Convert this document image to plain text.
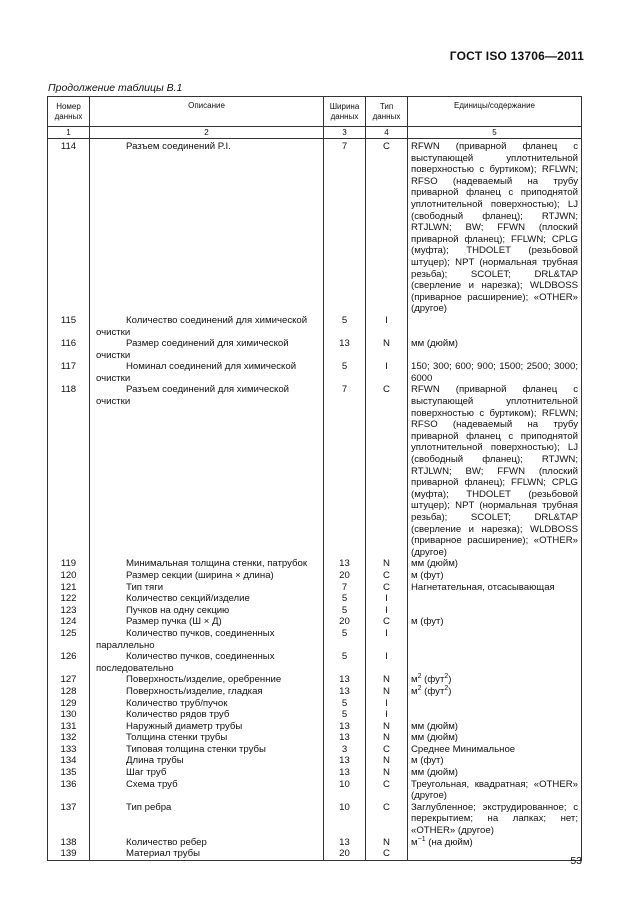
ГОСТ ISO 13706—2011
Продолжение таблицы В.1
Номер данных	Описание	Ширина данных	Тип данных	Единицы/содержание
1	2	3	4	5
114	Разъем соединений P.I.	7	C	RFWN (приварной фланец с выступающей уплотнительной поверхностью с буртиком); RFLWN; RFSO (надеваемый на трубу приварной фланец с приподнятой уплотнительной поверхностью); LJ (свободный фланец); RTJWN; RTJLWN; BW; FFWN (плоский приварной фланец); FFLWN; CPLG (муфта); THDOLET (резьбовой штуцер); NPT (нормальная трубная резьба); SCOLET; DRL&TAP (сверление и нарезка); WLDBOSS (приварное расширение); «OTHER» (другое)
115	Количество соединений для химической очистки	5	I	
116	Размер соединений для химической очистки	13	N	мм (дюйм)
117	Номинал соединений для химической очистки	5	I	150; 300; 600; 900; 1500; 2500; 3000; 6000
118	Разъем соединений для химической очистки	7	C	RFWN (приварной фланец с выступающей уплотнительной поверхностью с буртиком); RFLWN; RFSO (надеваемый на трубу приварной фланец с приподнятой уплотнительной поверхностью); LJ (свободный фланец); RTJWN; RTJLWN; BW; FFWN (плоский приварной фланец); FFLWN; CPLG (муфта); THDOLET (резьбовой штуцер); NPT (нормальная трубная резьба); SCOLET; DRL&TAP (сверление и нарезка); WLDBOSS (приварное расширение); «OTHER» (другое)
119	Минимальная толщина стенки, патрубок	13	N	мм (дюйм)
120	Размер секции (ширина × длина)	20	C	м (фут)
121	Тип тяги	7	C	Нагнетательная, отсасывающая
122	Количество секций/изделие	5	I	
123	Пучков на одну секцию	5	I	
124	Размер пучка (Ш × Д)	20	C	м (фут)
125	Количество пучков, соединенных параллельно	5	I	
126	Количество пучков, соединенных последовательно	5	I	
127	Поверхность/изделие, оребренние	13	N	$м^2$ (фут$^2$)
128	Поверхность/изделие, гладкая	13	N	$м^2$ (фут$^2$)
129	Количество труб/пучок	5	I	
130	Количество рядов труб	5	I	
131	Наружный диаметр трубы	13	N	мм (дюйм)
132	Толщина стенки трубы	13	N	мм (дюйм)
133	Типовая толщина стенки трубы	3	C	Среднее Минимальное
134	Длина трубы	13	N	м (фут)
135	Шаг труб	13	N	мм (дюйм)
136	Схема труб	10	C	Треугольная, квадратная; «OTHER» (другое)
137	Тип ребра	10	C	Заглубленное; экструдированное; с перекрытием; на лапках; нет; «OTHER» (другое)
138	Количество ребер	13	N	$м^{-1}$ (на дюйм)
139	Материал трубы	20	C	
53
